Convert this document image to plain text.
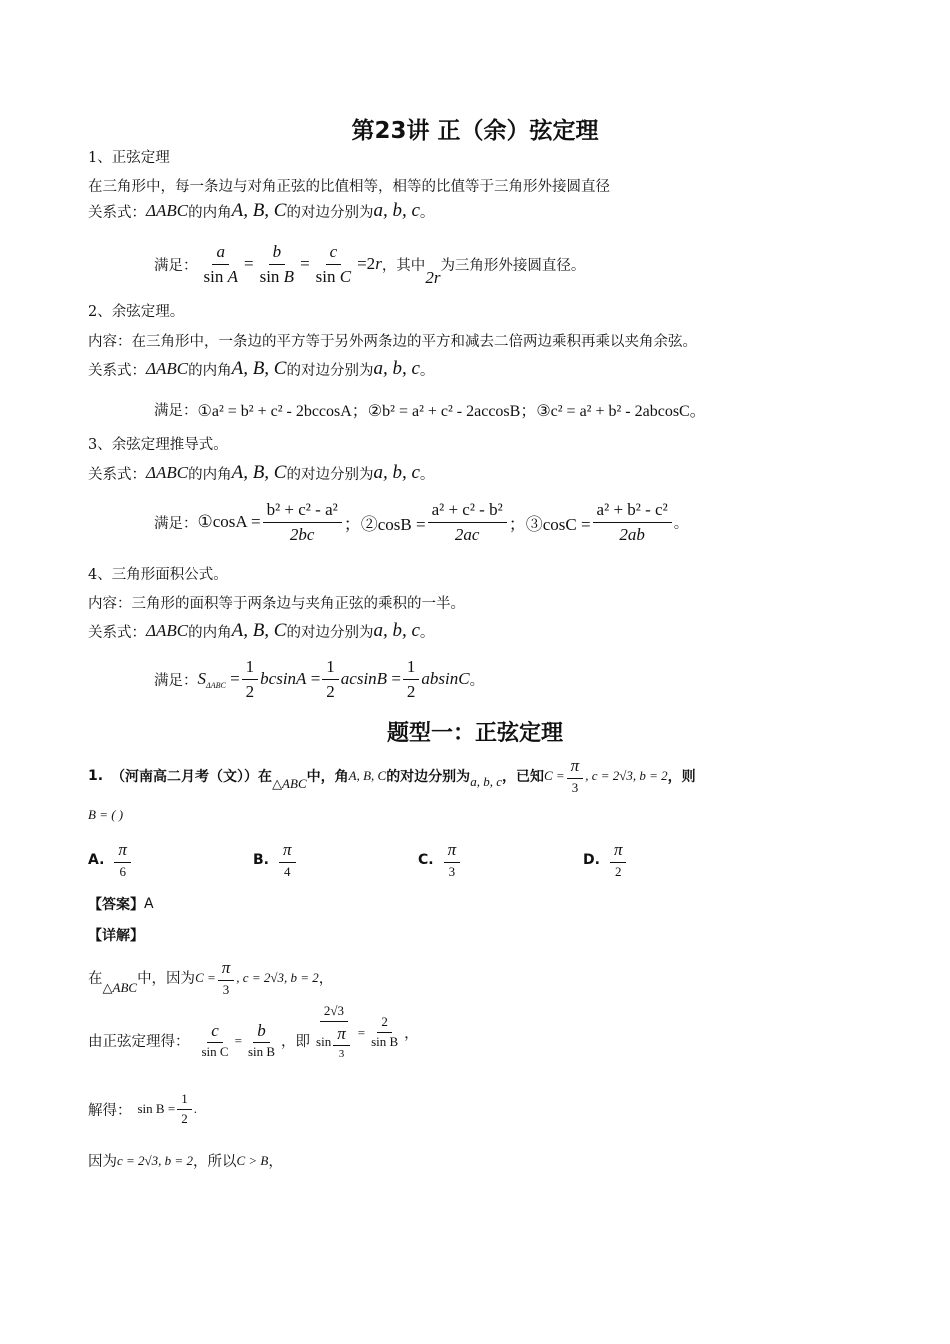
第23讲 正（余）弦定理
1、正弦定理
在三角形中，每一条边与对角正弦的比值相等，相等的比值等于三角形外接圆直径
关系式： ΔABC 的内角 A, B, C 的对边分别为 a, b, c 。
满足： $\frac{a}{\text{sin A}} = \frac{b}{\text{sin B}} = \frac{c}{\text{sin C}} =2r$ ，其中
2r
为三角形外接圆直径。
2、余弦定理。
内容：在三角形中，一条边的平方等于另外两条边的平方和减去二倍两边乘积再乘以夹角余弦。
关系式： ΔABC 的内角 A, B, C 的对边分别为 a, b, c 。
满足： ①a² = b² + c² - 2bccosA；②b² = a² + c² - 2accosB；③c² = a² + b² - 2abcosC。
3、余弦定理推导式。
关系式： ΔABC 的内角 A, B, C 的对边分别为 a, b, c 。
满足： ①cosA = $\frac{\text{b² + c² - a²}}{2bc}$ ；②cosB = $\frac{\text{a² + c² - b²}}{2ac}$ ；③cosC = $\frac{\text{a² + b² - c²}}{2ab}$ 。
4、三角形面积公式。
内容：三角形的面积等于两条边与夹角正弦的乘积的一半。
关系式： ΔABC 的内角 A, B, C 的对边分别为 a, b, c 。
满足： S $\Delta ABC = \frac{1}{2}$ $bcsinA = \frac{1}{2}$ $acsinB = \frac{1}{2}$ absinC 。
题型一：正弦定理
1. （河南高二月考（文））在 △ABC 中，角 A, B, C 的对边分别为 a, b, c ，已知 $C = \frac{\pi}{3}$ , c = 2√3, b = 2 ，则
B = ( )
A. $\frac{\pi}{6}$	B. $\frac{\pi}{4}$	C. $\frac{\pi}{3}$	D. $\frac{\pi}{2}$
【答案】 A
【详解】
在 △ABC 中，因为 $C = \frac{\pi}{3}$ , c = 2√3, b = 2 ，
由正弦定理得： $\frac{c}{\text{sin C}} = \frac{b}{\text{sin B}}$ ，即 $\frac{2√3}{\sin \frac{\pi}{3}} = \frac{2}{\text{sin B}}$ ，
解得： $\sin B = \frac{1}{2}$ .
因为 c = 2√3, b = 2 ，所以 C > B ，
